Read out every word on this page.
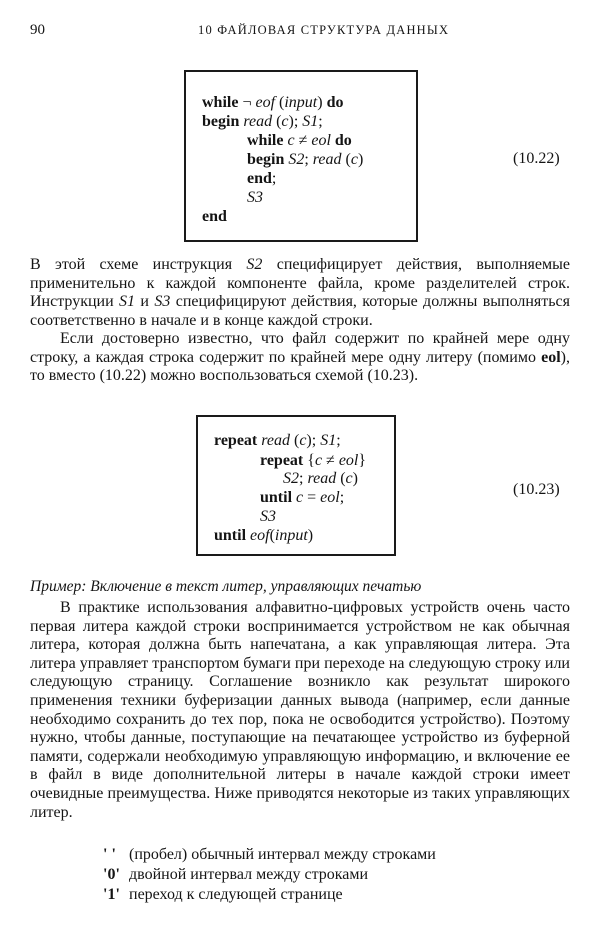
90	10 ФАЙЛОВАЯ СТРУКТУРА ДАННЫХ
while ¬ eof (input) do
begin read (c); S1;
while c ≠ eol do
begin S2; read (c)
end;
S3
end
(10.22)

В этой схеме инструкция S2 специфицирует действия, выполняемые применительно к каждой компоненте файла, кроме разделителей строк. Инструкции S1 и S3 специфицируют действия, которые должны выполняться соответственно в начале и в конце каждой строки.

Если достоверно известно, что файл содержит по крайней мере одну строку, а каждая строка содержит по крайней мере одну литеру (помимо eol), то вместо (10.22) можно воспользоваться схемой (10.23).

repeat read (c); S1;
repeat {c ≠ eol}
S2; read (c)
until c = eol;
S3
until eof(input)
(10.23)
Пример: Включение в текст литер, управляющих печатью

В практике использования алфавитно-цифровых устройств очень часто первая литера каждой строки воспринимается устройством не как обычная литера, которая должна быть напечатана, а как управляющая литера. Эта литера управляет транспортом бумаги при переходе на следующую строку или следующую страницу. Соглашение возникло как результат широкого применения техники буферизации данных вывода (например, если данные необходимо сохранить до тех пор, пока не освободится устройство). Поэтому нужно, чтобы данные, поступающие на печатающее устройство из буферной памяти, содержали необходимую управляющую информацию, и включение ее в файл в виде дополнительной литеры в начале каждой строки имеет очевидные преимущества. Ниже приводятся некоторые из таких управляющих литер.

' ' (пробел) обычный интервал между строками
'0' двойной интервал между строками
'1' переход к следующей странице
